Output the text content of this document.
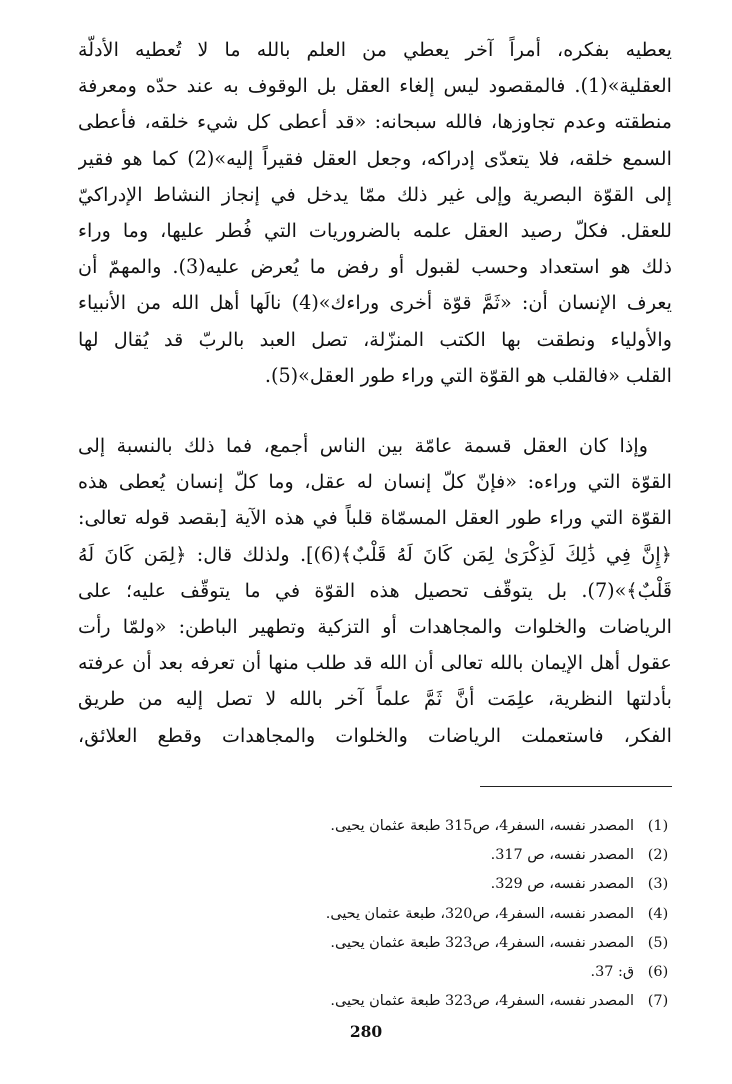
يعطيه بفكره، أمراً آخر يعطي من العلم بالله ما لا تُعطيه الأدلّة
العقلية»(1). فالمقصود ليس إلغاء العقل بل الوقوف به عند حدّه ومعرفة
منطقته وعدم تجاوزها، فالله سبحانه: «قد أعطى كل شيء خلقه، فأعطى
السمع خلقه، فلا يتعدّى إدراكه، وجعل العقل فقيراً إليه»(2) كما هو فقير
إلى القوّة البصرية وإلى غير ذلك ممّا يدخل في إنجاز النشاط الإدراكيّ
للعقل. فكلّ رصيد العقل علمه بالضروريات التي فُطر عليها، وما وراء
ذلك هو استعداد وحسب لقبول أو رفض ما يُعرض عليه(3). والمهمّ أن
يعرف الإنسان أن: «ثَمَّ قوّة أخرى وراءك»(4) نالَها أهل الله من الأنبياء
والأولياء ونطقت بها الكتب المنزّلة، تصل العبد بالربّ قد يُقال لها
القلب «فالقلب هو القوّة التي وراء طور العقل»(5).
وإذا كان العقل قسمة عامّة بين الناس أجمع، فما ذلك بالنسبة إلى
القوّة التي وراءه: «فإنّ كلّ إنسان له عقل، وما كلّ إنسان يُعطى هذه
القوّة التي وراء طور العقل المسمّاة قلباً في هذه الآية [بقصد قوله تعالى:
﴿إِنَّ فِي ذَٰلِكَ لَذِكْرَىٰ لِمَن كَانَ لَهُ قَلْبٌ﴾(6)]. ولذلك قال: ﴿لِمَن كَانَ لَهُ
قَلْبٌ﴾»(7). بل يتوقّف تحصيل هذه القوّة في ما يتوقّف عليه؛ على
الرياضات والخلوات والمجاهدات أو التزكية وتطهير الباطن: «ولمّا رأت
عقول أهل الإيمان بالله تعالى أن الله قد طلب منها أن تعرفه بعد أن عرفته
بأدلتها النظرية، علِمَت أنَّ ثَمَّ علماً آخر بالله لا تصل إليه من طريق
الفكر، فاستعملت الرياضات والخلوات والمجاهدات وقطع العلائق،
(1)
المصدر نفسه، السفر4، ص315 طبعة عثمان يحيى.
(2)
المصدر نفسه، ص 317.
(3)
المصدر نفسه، ص 329.
(4)
المصدر نفسه، السفر4، ص320، طبعة عثمان يحيى.
(5)
المصدر نفسه، السفر4، ص323 طبعة عثمان يحيى.
(6)
ق: 37.
(7)
المصدر نفسه، السفر4، ص323 طبعة عثمان يحيى.
280
